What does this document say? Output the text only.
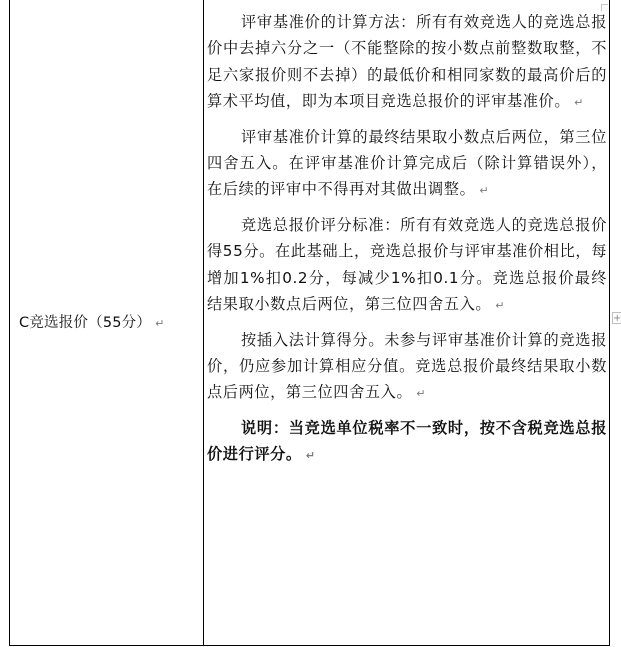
C竞选报价（55分） ↵

评审基准价的计算方法：所有有效竞选人的竞选总报价中去掉六分之一（不能整除的按小数点前整数取整，不足六家报价则不去掉）的最低价和相同家数的最高价后的算术平均值，即为本项目竞选总报价的评审基准价。 ↵

评审基准价计算的最终结果取小数点后两位，第三位四舍五入。在评审基准价计算完成后（除计算错误外），在后续的评审中不得再对其做出调整。 ↵

竞选总报价评分标准：所有有效竞选人的竞选总报价得55分。在此基础上，竞选总报价与评审基准价相比，每增加1%扣0.2分，每减少1%扣0.1分。竞选总报价最终结果取小数点后两位，第三位四舍五入。 ↵

按插入法计算得分。未参与评审基准价计算的竞选报价，仍应参加计算相应分值。竞选总报价最终结果取小数点后两位，第三位四舍五入。 ↵

说明：当竞选单位税率不一致时，按不含税竞选总报价进行评分。 ↵

+
